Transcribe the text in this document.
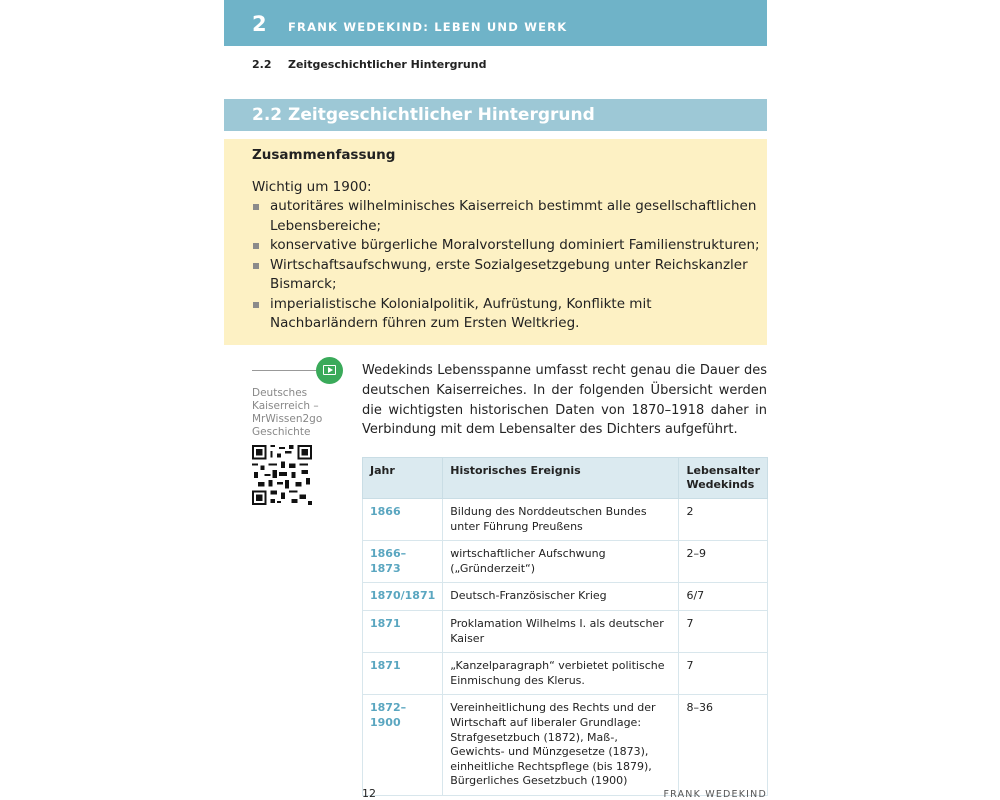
2 FRANK WEDEKIND: LEBEN UND WERK
2.2 Zeitgeschichtlicher Hintergrund
2.2 Zeitgeschichtlicher Hintergrund
Zusammenfassung
Wichtig um 1900:
autoritäres wilhelminisches Kaiserreich bestimmt alle gesellschaftlichen Lebensbereiche;
konservative bürgerliche Moralvorstellung dominiert Familienstrukturen;
Wirtschaftsaufschwung, erste Sozialgesetzgebung unter Reichskanzler Bismarck;
imperialistische Kolonialpolitik, Aufrüstung, Konflikte mit Nachbarländern führen zum Ersten Weltkrieg.
Deutsches
Kaiserreich –
MrWissen2go
Geschichte

Wedekinds Lebensspanne umfasst recht genau die Dauer des deutschen Kaiserreiches. In der folgenden Übersicht werden die wichtigsten historischen Daten von 1870–1918 daher in Verbindung mit dem Lebensalter des Dichters aufgeführt.

Jahr	Historisches Ereignis	Lebensalter
Wedekinds
1866	Bildung des Norddeutschen Bundes unter Führung Preußens	2
1866–1873	wirtschaftlicher Aufschwung („Gründerzeit“)	2–9
1870/1871	Deutsch-Französischer Krieg	6/7
1871	Proklamation Wilhelms I. als deutscher Kaiser	7
1871	„Kanzelparagraph“ verbietet politische Einmischung des Klerus.	7
1872–1900	Vereinheitlichung des Rechts und der Wirtschaft auf liberaler Grundlage: Strafgesetzbuch (1872), Maß-, Gewichts- und Münzgesetze (1873), einheitliche Rechtspflege (bis 1879), Bürgerliches Gesetzbuch (1900)	8–36
12	FRANK WEDEKIND
